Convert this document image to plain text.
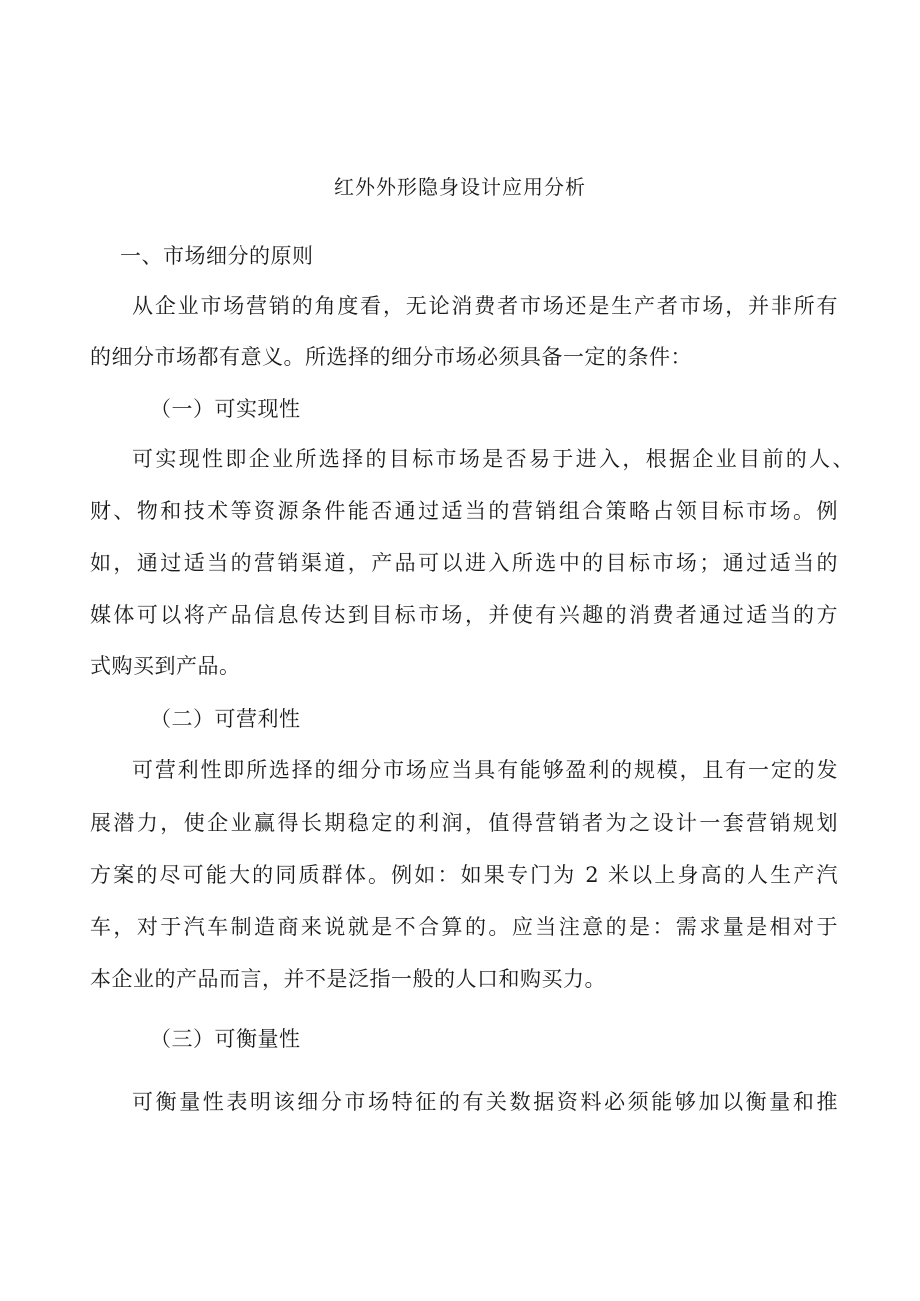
红外外形隐身设计应用分析
一、市场细分的原则
从企业市场营销的角度看，无论消费者市场还是生产者市场，并非所有
的细分市场都有意义。所选择的细分市场必须具备一定的条件：
（一）可实现性
可实现性即企业所选择的目标市场是否易于进入，根据企业目前的人、
财、物和技术等资源条件能否通过适当的营销组合策略占领目标市场。例
如，通过适当的营销渠道，产品可以进入所选中的目标市场；通过适当的
媒体可以将产品信息传达到目标市场，并使有兴趣的消费者通过适当的方
式购买到产品。
（二）可营利性
可营利性即所选择的细分市场应当具有能够盈利的规模，且有一定的发
展潜力，使企业赢得长期稳定的利润，值得营销者为之设计一套营销规划
方案的尽可能大的同质群体。例如：如果专门为 2 米以上身高的人生产汽
车，对于汽车制造商来说就是不合算的。应当注意的是：需求量是相对于
本企业的产品而言，并不是泛指一般的人口和购买力。
（三）可衡量性
可衡量性表明该细分市场特征的有关数据资料必须能够加以衡量和推
